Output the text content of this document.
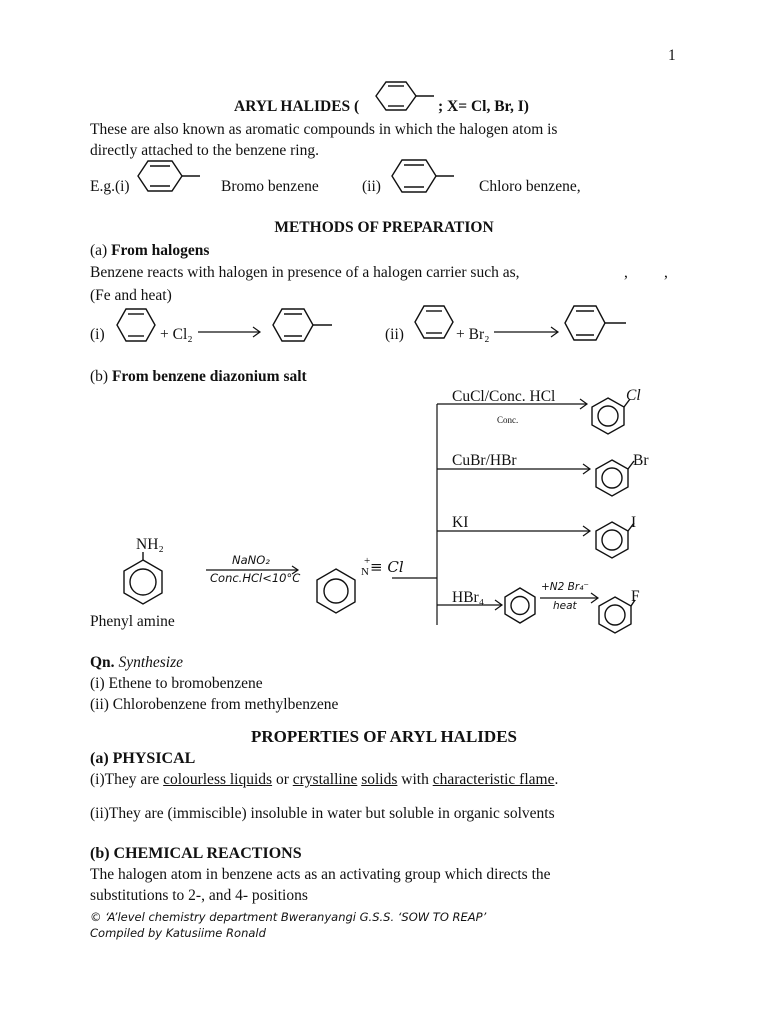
1
ARYL HALIDES (	; X= Cl, Br, I)
These are also known as aromatic compounds in which the halogen atom is
directly attached to the benzene ring.
E.g.(i)	Bromo benzene	(ii)	Chloro benzene,
METHODS OF PREPARATION
(a) From halogens
Benzene reacts with halogen in presence of a halogen carrier such as,	, ,
(Fe and heat)
(i)	+ Cl₂	(ii)	+ Br₂
(b) From benzene diazonium salt
NH₂
Phenyl amine
NaNO₂
Conc.HCl<10°C
+
N ≡ Cl
CuCl/Conc. HCl
Conc.
Cl
CuBr/HBr	Br
KI	I
HBr₄
+N2 Br₄⁻
heat
F
Qn. Synthesize
(i) Ethene to bromobenzene
(ii) Chlorobenzene from methylbenzene
PROPERTIES OF ARYL HALIDES
(a) PHYSICAL
(i)They are colourless liquids or crystalline solids with characteristic flame.
(ii)They are (immiscible) insoluble in water but soluble in organic solvents
(b) CHEMICAL REACTIONS
The halogen atom in benzene acts as an activating group which directs the
substitutions to 2-, and 4- positions
© ‘A’level chemistry department Bweranyangi G.S.S. ‘SOW TO REAP’
Compiled by Katusiime Ronald
